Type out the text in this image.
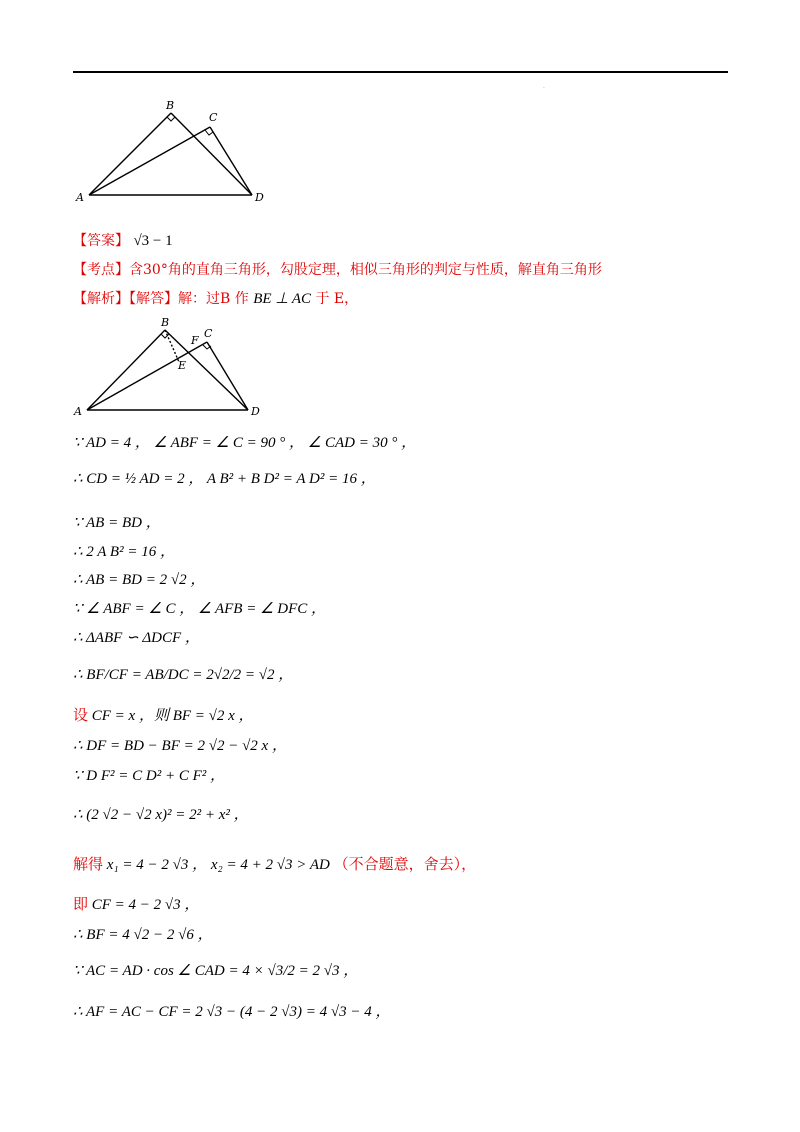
·
B
C
A	D
【答案】 √3 − 1
【考点】含30°角的直角三角形，勾股定理，相似三角形的判定与性质，解直角三角形
【解析】【解答】解：过B 作 BE ⊥ AC 于 E，
B
C
F
E
A	D
∵ AD = 4 ， ∠ ABF = ∠ C = 90 ° ， ∠ CAD = 30 ° ，
∴ CD = ½ AD = 2 ， A B² + B D² = A D² = 16 ，
∵ AB = BD ，
∴ 2 A B² = 16 ，
∴ AB = BD = 2 √2 ，
∵ ∠ ABF = ∠ C ， ∠ AFB = ∠ DFC ，
∴ ΔABF ∽ ΔDCF ，
∴ BF/CF = AB/DC = 2√2/2 = √2 ，
设 CF = x ，则 BF = √2 x ，
∴ DF = BD − BF = 2 √2 − √2 x ，
∵ D F² = C D² + C F² ，
∴ (2 √2 − √2 x)² = 2² + x² ，
解得 x₁ = 4 − 2 √3 ， x₂ = 4 + 2 √3 > AD （不合题意，舍去），
即 CF = 4 − 2 √3 ，
∴ BF = 4 √2 − 2 √6 ，
∵ AC = AD · cos ∠ CAD = 4 × √3/2 = 2 √3 ，
∴ AF = AC − CF = 2 √3 − (4 − 2 √3) = 4 √3 − 4 ，
